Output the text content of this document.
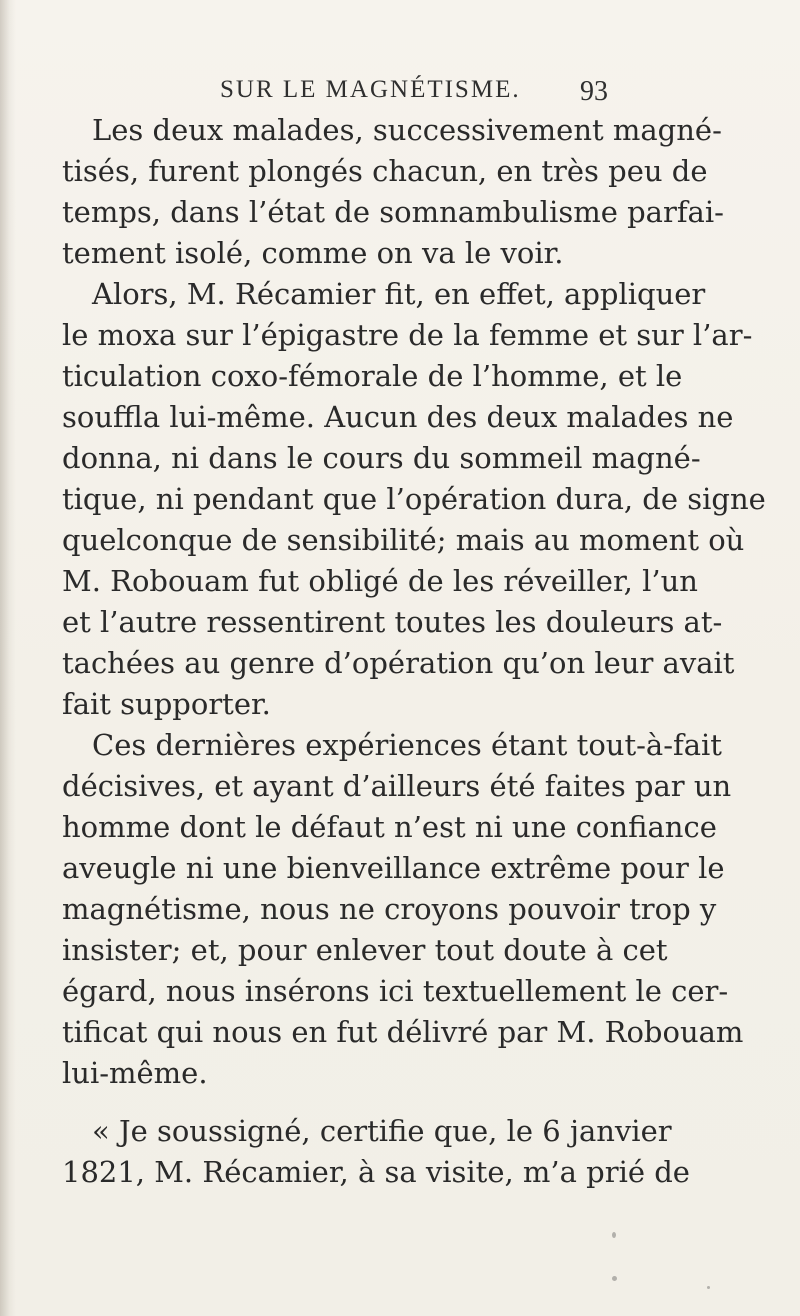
SUR LE MAGNÉTISME. 93
Les deux malades, successivement magné-
tisés, furent plongés chacun, en très peu de
temps, dans l’état de somnambulisme parfai-
tement isolé, comme on va le voir.
Alors, M. Récamier fit, en effet, appliquer
le moxa sur l’épigastre de la femme et sur l’ar-
ticulation coxo-fémorale de l’homme, et le
souffla lui-même. Aucun des deux malades ne
donna, ni dans le cours du sommeil magné-
tique, ni pendant que l’opération dura, de signe
quelconque de sensibilité; mais au moment où
M. Robouam fut obligé de les réveiller, l’un
et l’autre ressentirent toutes les douleurs at-
tachées au genre d’opération qu’on leur avait
fait supporter.
Ces dernières expériences étant tout-à-fait
décisives, et ayant d’ailleurs été faites par un
homme dont le défaut n’est ni une confiance
aveugle ni une bienveillance extrême pour le
magnétisme, nous ne croyons pouvoir trop y
insister; et, pour enlever tout doute à cet
égard, nous insérons ici textuellement le cer-
tificat qui nous en fut délivré par M. Robouam
lui-même.
« Je soussigné, certifie que, le 6 janvier
1821, M. Récamier, à sa visite, m’a prié de
